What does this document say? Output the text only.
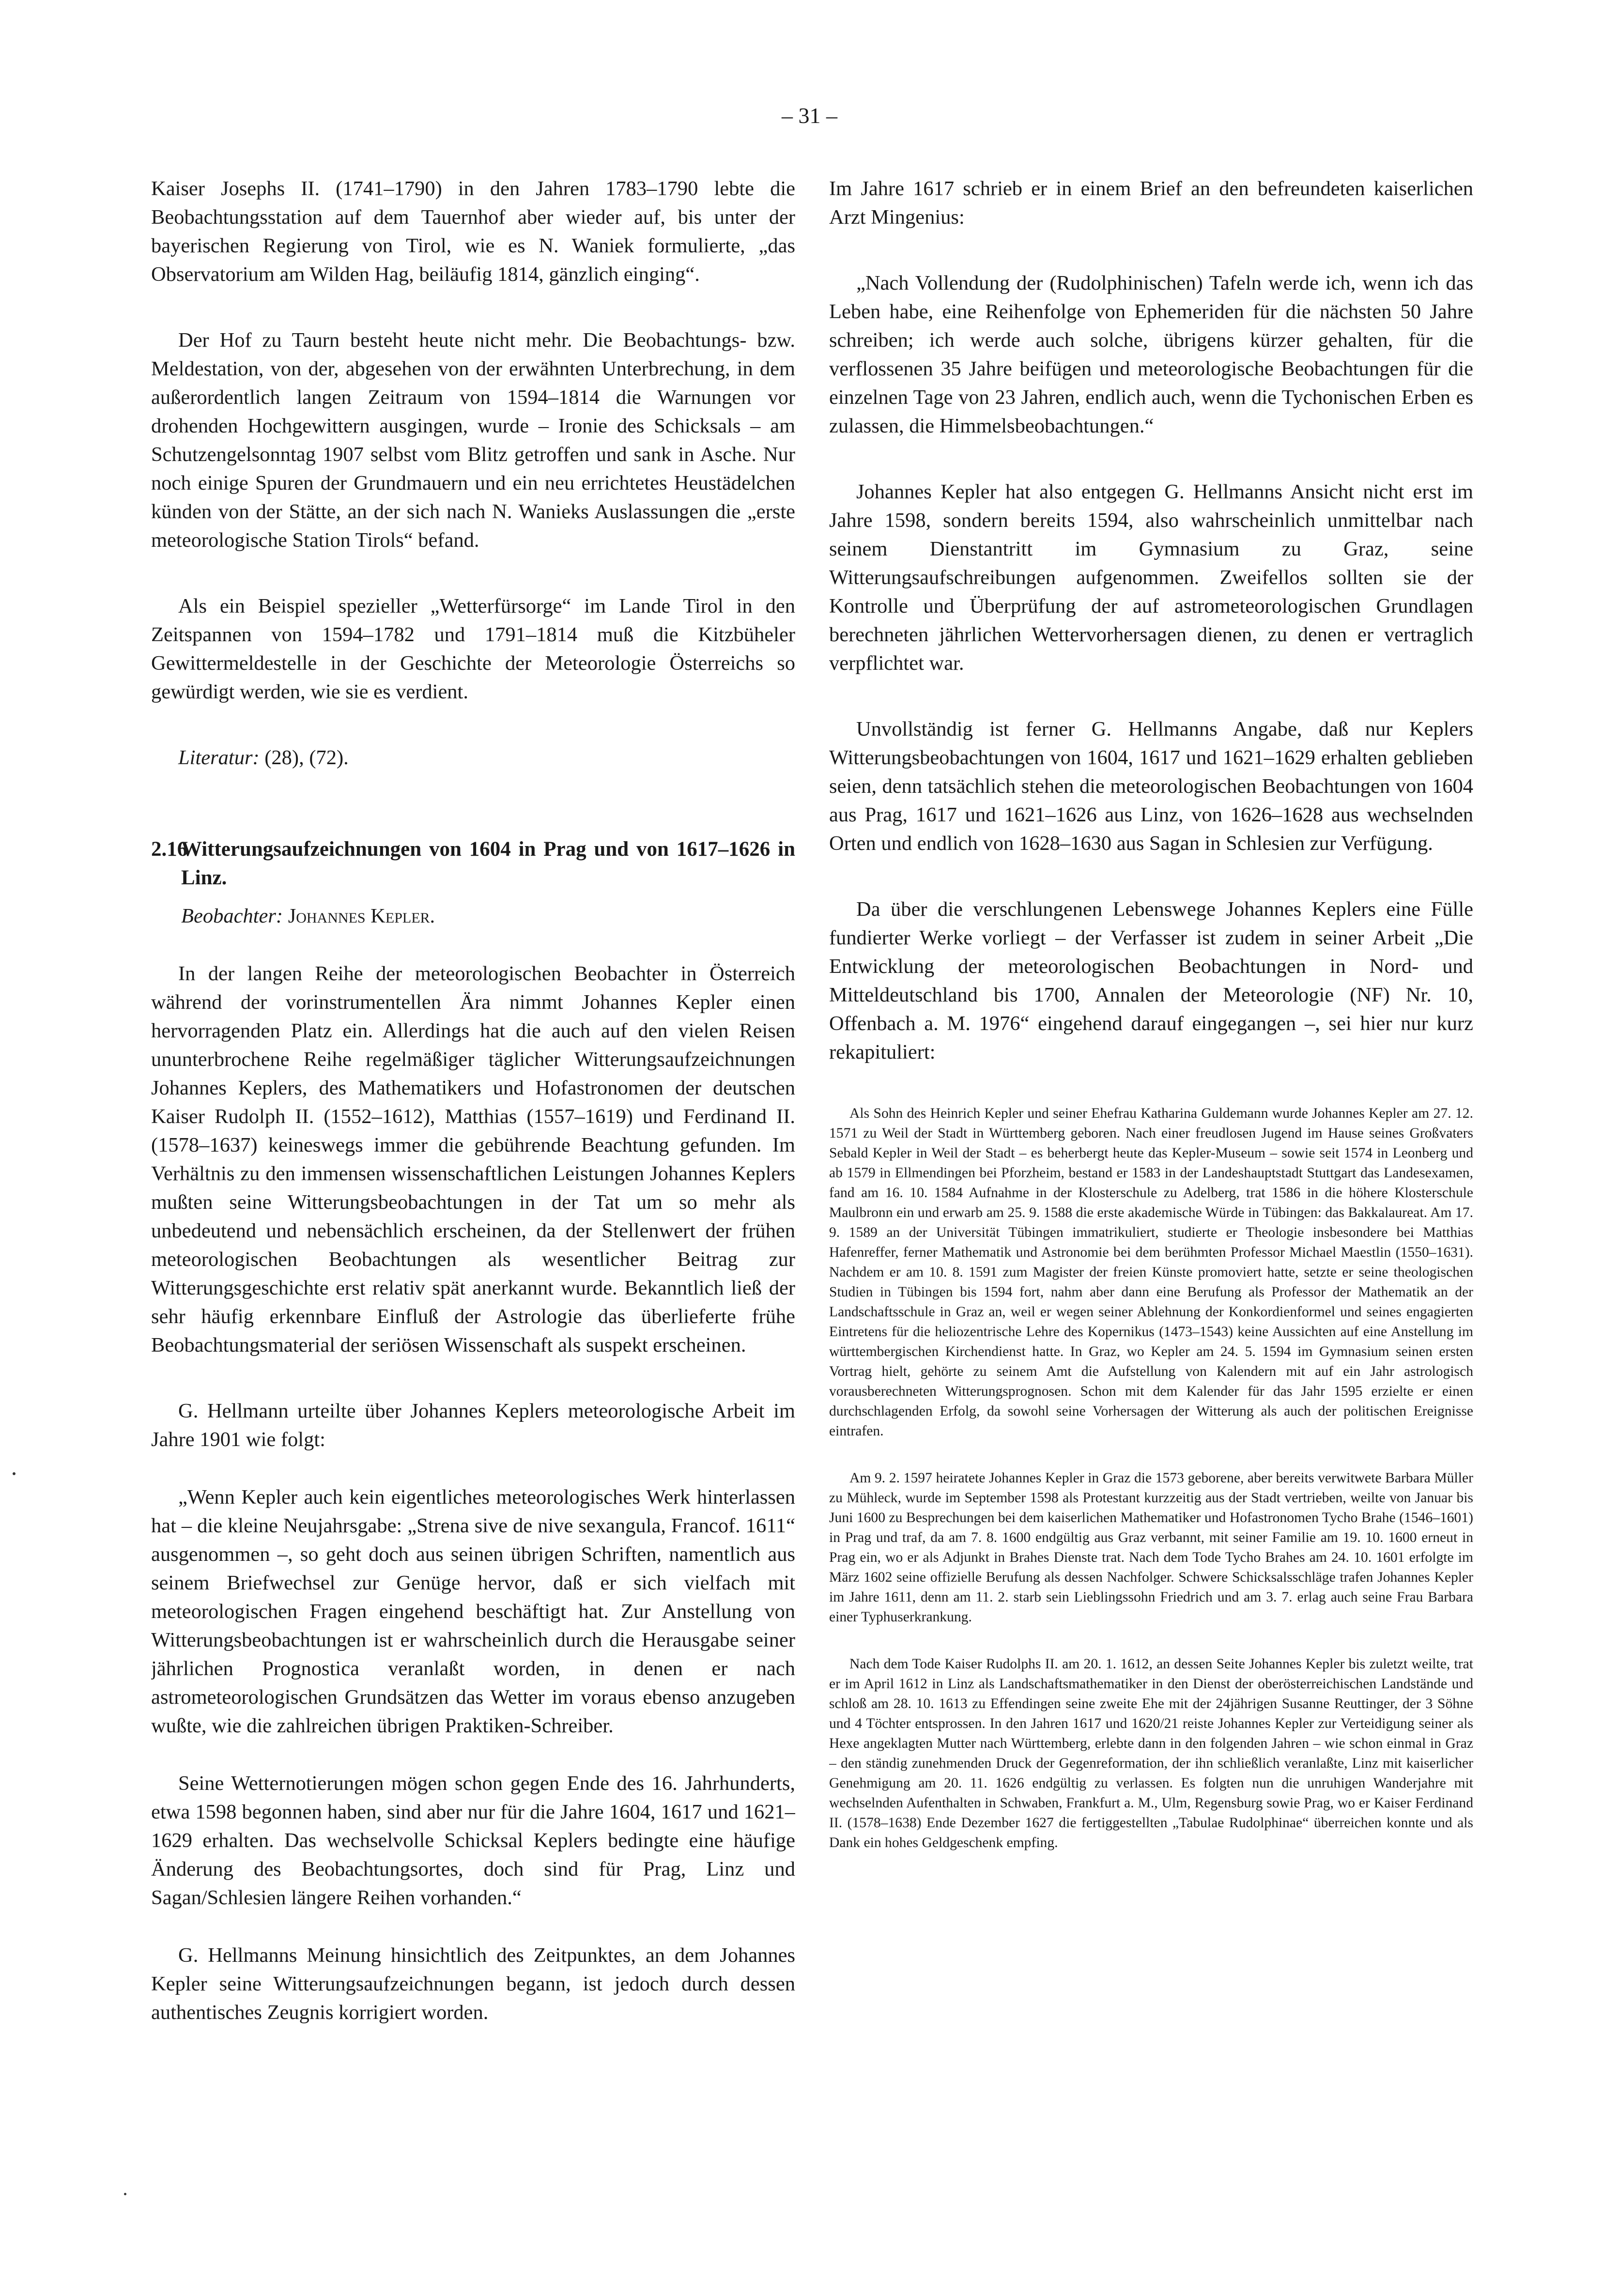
– 31 –

Kaiser Josephs II. (1741–1790) in den Jahren 1783–1790 lebte die Beobachtungsstation auf dem Tauernhof aber wieder auf, bis unter der bayerischen Regierung von Tirol, wie es N. Waniek formulierte, „das Observatorium am Wilden Hag, beiläufig 1814, gänzlich einging“.

Der Hof zu Taurn besteht heute nicht mehr. Die Beobachtungs- bzw. Meldestation, von der, abgesehen von der erwähnten Unterbrechung, in dem außerordentlich langen Zeitraum von 1594–1814 die Warnungen vor drohenden Hochgewittern ausgingen, wurde – Ironie des Schicksals – am Schutzengelsonntag 1907 selbst vom Blitz getroffen und sank in Asche. Nur noch einige Spuren der Grundmauern und ein neu errichtetes Heustädelchen künden von der Stätte, an der sich nach N. Wanieks Auslassungen die „erste meteorologische Station Tirols“ befand.

Als ein Beispiel spezieller „Wetterfürsorge“ im Lande Tirol in den Zeitspannen von 1594–1782 und 1791–1814 muß die Kitzbüheler Gewittermeldestelle in der Geschichte der Meteorologie Österreichs so gewürdigt werden, wie sie es verdient.

Literatur: (28), (72).

2.16Witterungsaufzeichnungen von 1604 in Prag und von 1617–1626 in Linz.

Beobachter: Johannes Kepler.

In der langen Reihe der meteorologischen Beobachter in Österreich während der vorinstrumentellen Ära nimmt Johannes Kepler einen hervorragenden Platz ein. Allerdings hat die auch auf den vielen Reisen ununterbrochene Reihe regelmäßiger täglicher Witterungsaufzeichnungen Johannes Keplers, des Mathematikers und Hofastronomen der deutschen Kaiser Rudolph II. (1552–1612), Matthias (1557–1619) und Ferdinand II. (1578–1637) keineswegs immer die gebührende Beachtung gefunden. Im Verhältnis zu den immensen wissenschaftlichen Leistungen Johannes Keplers mußten seine Witterungsbeobachtungen in der Tat um so mehr als unbedeutend und nebensächlich erscheinen, da der Stellenwert der frühen meteorologischen Beobachtungen als wesentlicher Beitrag zur Witterungsgeschichte erst relativ spät anerkannt wurde. Bekanntlich ließ der sehr häufig erkennbare Einfluß der Astrologie das überlieferte frühe Beobachtungsmaterial der seriösen Wissenschaft als suspekt erscheinen.

G. Hellmann urteilte über Johannes Keplers meteorologische Arbeit im Jahre 1901 wie folgt:

„Wenn Kepler auch kein eigentliches meteorologisches Werk hinterlassen hat – die kleine Neujahrsgabe: „Strena sive de nive sexangula, Francof. 1611“ ausgenommen –, so geht doch aus seinen übrigen Schriften, namentlich aus seinem Briefwechsel zur Genüge hervor, daß er sich vielfach mit meteorologischen Fragen eingehend beschäftigt hat. Zur Anstellung von Witterungsbeobachtungen ist er wahrscheinlich durch die Herausgabe seiner jährlichen Prognostica veranlaßt worden, in denen er nach astrometeorologischen Grundsätzen das Wetter im voraus ebenso anzugeben wußte, wie die zahlreichen übrigen Praktiken-Schreiber.

Seine Wetternotierungen mögen schon gegen Ende des 16. Jahrhunderts, etwa 1598 begonnen haben, sind aber nur für die Jahre 1604, 1617 und 1621–1629 erhalten. Das wechselvolle Schicksal Keplers bedingte eine häufige Änderung des Beobachtungsortes, doch sind für Prag, Linz und Sagan/Schlesien längere Reihen vorhanden.“

G. Hellmanns Meinung hinsichtlich des Zeitpunktes, an dem Johannes Kepler seine Witterungsaufzeichnungen begann, ist jedoch durch dessen authentisches Zeugnis korrigiert worden.

Im Jahre 1617 schrieb er in einem Brief an den befreundeten kaiserlichen Arzt Mingenius:

„Nach Vollendung der (Rudolphinischen) Tafeln werde ich, wenn ich das Leben habe, eine Reihenfolge von Ephemeriden für die nächsten 50 Jahre schreiben; ich werde auch solche, übrigens kürzer gehalten, für die verflossenen 35 Jahre beifügen und meteorologische Beobachtungen für die einzelnen Tage von 23 Jahren, endlich auch, wenn die Tychonischen Erben es zulassen, die Himmelsbeobachtungen.“

Johannes Kepler hat also entgegen G. Hellmanns Ansicht nicht erst im Jahre 1598, sondern bereits 1594, also wahrscheinlich unmittelbar nach seinem Dienstantritt im Gymnasium zu Graz, seine Witterungsaufschreibungen aufgenommen. Zweifellos sollten sie der Kontrolle und Überprüfung der auf astrometeorologischen Grundlagen berechneten jährlichen Wettervorhersagen dienen, zu denen er vertraglich verpflichtet war.

Unvollständig ist ferner G. Hellmanns Angabe, daß nur Keplers Witterungsbeobachtungen von 1604, 1617 und 1621–1629 erhalten geblieben seien, denn tatsächlich stehen die meteorologischen Beobachtungen von 1604 aus Prag, 1617 und 1621–1626 aus Linz, von 1626–1628 aus wechselnden Orten und endlich von 1628–1630 aus Sagan in Schlesien zur Verfügung.

Da über die verschlungenen Lebenswege Johannes Keplers eine Fülle fundierter Werke vorliegt – der Verfasser ist zudem in seiner Arbeit „Die Entwicklung der meteorologischen Beobachtungen in Nord- und Mitteldeutschland bis 1700, Annalen der Meteorologie (NF) Nr. 10, Offenbach a. M. 1976“ eingehend darauf eingegangen –, sei hier nur kurz rekapituliert:

Als Sohn des Heinrich Kepler und seiner Ehefrau Katharina Guldemann wurde Johannes Kepler am 27. 12. 1571 zu Weil der Stadt in Württemberg geboren. Nach einer freudlosen Jugend im Hause seines Großvaters Sebald Kepler in Weil der Stadt – es beherbergt heute das Kepler-Museum – sowie seit 1574 in Leonberg und ab 1579 in Ellmendingen bei Pforzheim, bestand er 1583 in der Landeshauptstadt Stuttgart das Landesexamen, fand am 16. 10. 1584 Aufnahme in der Klosterschule zu Adelberg, trat 1586 in die höhere Klosterschule Maulbronn ein und erwarb am 25. 9. 1588 die erste akademische Würde in Tübingen: das Bakkalaureat. Am 17. 9. 1589 an der Universität Tübingen immatrikuliert, studierte er Theologie insbesondere bei Matthias Hafenreffer, ferner Mathematik und Astronomie bei dem berühmten Professor Michael Maestlin (1550–1631). Nachdem er am 10. 8. 1591 zum Magister der freien Künste promoviert hatte, setzte er seine theologischen Studien in Tübingen bis 1594 fort, nahm aber dann eine Berufung als Professor der Mathematik an der Landschaftsschule in Graz an, weil er wegen seiner Ablehnung der Konkordienformel und seines engagierten Eintretens für die heliozentrische Lehre des Kopernikus (1473–1543) keine Aussichten auf eine Anstellung im württembergischen Kirchendienst hatte. In Graz, wo Kepler am 24. 5. 1594 im Gymnasium seinen ersten Vortrag hielt, gehörte zu seinem Amt die Aufstellung von Kalendern mit auf ein Jahr astrologisch vorausberechneten Witterungsprognosen. Schon mit dem Kalender für das Jahr 1595 erzielte er einen durchschlagenden Erfolg, da sowohl seine Vorhersagen der Witterung als auch der politischen Ereignisse eintrafen.

Am 9. 2. 1597 heiratete Johannes Kepler in Graz die 1573 geborene, aber bereits verwitwete Barbara Müller zu Mühleck, wurde im September 1598 als Protestant kurzzeitig aus der Stadt vertrieben, weilte von Januar bis Juni 1600 zu Besprechungen bei dem kaiserlichen Mathematiker und Hofastronomen Tycho Brahe (1546–1601) in Prag und traf, da am 7. 8. 1600 endgültig aus Graz verbannt, mit seiner Familie am 19. 10. 1600 erneut in Prag ein, wo er als Adjunkt in Brahes Dienste trat. Nach dem Tode Tycho Brahes am 24. 10. 1601 erfolgte im März 1602 seine offizielle Berufung als dessen Nachfolger. Schwere Schicksalsschläge trafen Johannes Kepler im Jahre 1611, denn am 11. 2. starb sein Lieblingssohn Friedrich und am 3. 7. erlag auch seine Frau Barbara einer Typhuserkrankung.

Nach dem Tode Kaiser Rudolphs II. am 20. 1. 1612, an dessen Seite Johannes Kepler bis zuletzt weilte, trat er im April 1612 in Linz als Landschaftsmathematiker in den Dienst der oberösterreichischen Landstände und schloß am 28. 10. 1613 zu Effendingen seine zweite Ehe mit der 24jährigen Susanne Reuttinger, der 3 Söhne und 4 Töchter entsprossen. In den Jahren 1617 und 1620/21 reiste Johannes Kepler zur Verteidigung seiner als Hexe angeklagten Mutter nach Württemberg, erlebte dann in den folgenden Jahren – wie schon einmal in Graz – den ständig zunehmenden Druck der Gegenreformation, der ihn schließlich veranlaßte, Linz mit kaiserlicher Genehmigung am 20. 11. 1626 endgültig zu verlassen. Es folgten nun die unruhigen Wanderjahre mit wechselnden Aufenthalten in Schwaben, Frankfurt a. M., Ulm, Regensburg sowie Prag, wo er Kaiser Ferdinand II. (1578–1638) Ende Dezember 1627 die fertiggestellten „Tabulae Rudolphinae“ überreichen konnte und als Dank ein hohes Geldgeschenk empfing.
